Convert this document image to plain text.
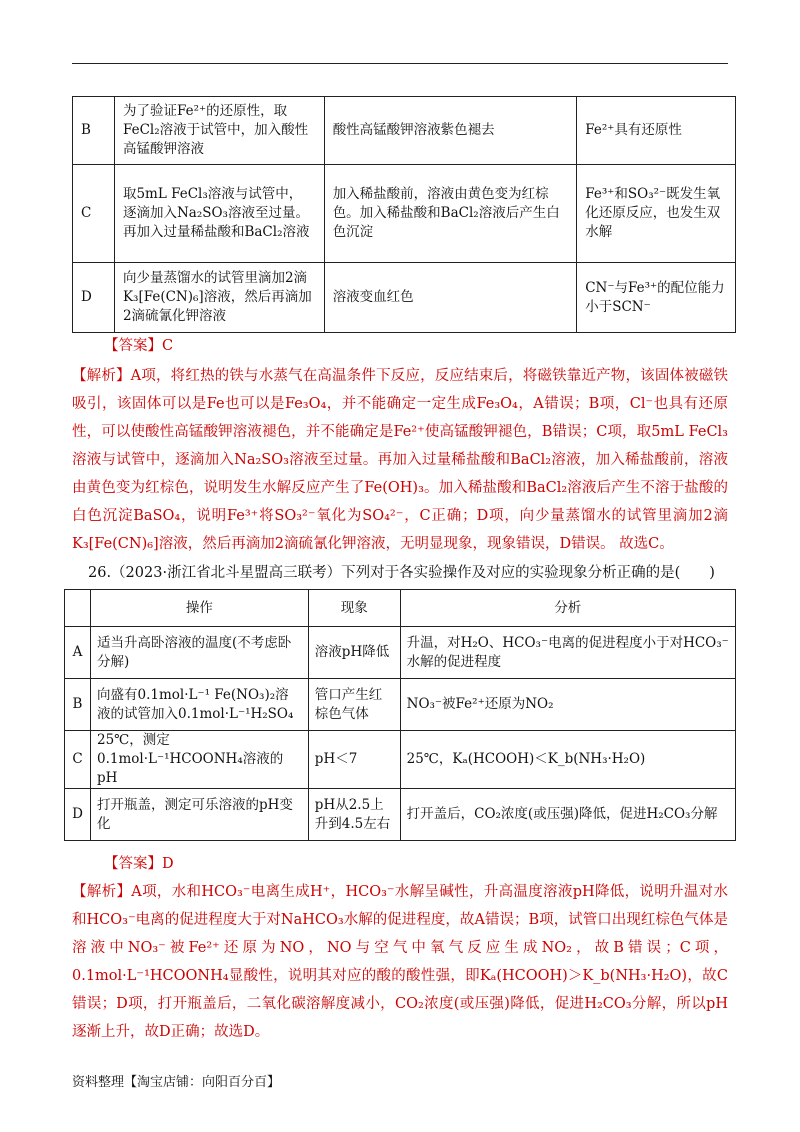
B	为了验证Fe²⁺的还原性，取FeCl₂溶液于试管中，加入酸性高锰酸钾溶液	酸性高锰酸钾溶液紫色褪去	Fe²⁺具有还原性
C	取5mL FeCl₃溶液与试管中，逐滴加入Na₂SO₃溶液至过量。再加入过量稀盐酸和BaCl₂溶液	加入稀盐酸前，溶液由黄色变为红棕色。加入稀盐酸和BaCl₂溶液后产生白色沉淀	Fe³⁺和SO₃²⁻既发生氧化还原反应，也发生双水解
D	向少量蒸馏水的试管里滴加2滴K₃[Fe(CN)₆]溶液，然后再滴加2滴硫氰化钾溶液	溶液变血红色	CN⁻与Fe³⁺的配位能力小于SCN⁻
【答案】C
【解析】A项，将红热的铁与水蒸气在高温条件下反应，反应结束后，将磁铁靠近产物，该固体被磁铁吸引，该固体可以是Fe也可以是Fe₃O₄，并不能确定一定生成Fe₃O₄，A错误；B项，Cl⁻也具有还原性，可以使酸性高锰酸钾溶液褪色，并不能确定是Fe²⁺使高锰酸钾褪色，B错误；C项，取5mL FeCl₃溶液与试管中，逐滴加入Na₂SO₃溶液至过量。再加入过量稀盐酸和BaCl₂溶液，加入稀盐酸前，溶液由黄色变为红棕色，说明发生水解反应产生了Fe(OH)₃。加入稀盐酸和BaCl₂溶液后产生不溶于盐酸的白色沉淀BaSO₄，说明Fe³⁺将SO₃²⁻氧化为SO₄²⁻，C正确；D项，向少量蒸馏水的试管里滴加2滴K₃[Fe(CN)₆]溶液，然后再滴加2滴硫氰化钾溶液，无明显现象，现象错误，D错误。 故选C。
26.（2023·浙江省北斗星盟高三联考）下列对于各实验操作及对应的实验现象分析正确的是(　　)
	操作	现象	分析
A	适当升高卧溶液的温度(不考虑卧分解)	溶液pH降低	升温，对H₂O、HCO₃⁻电离的促进程度小于对HCO₃⁻水解的促进程度
B	向盛有0.1mol·L⁻¹ Fe(NO₃)₂溶液的试管加入0.1mol·L⁻¹H₂SO₄	管口产生红棕色气体	NO₃⁻被Fe²⁺还原为NO₂
C	25℃，测定0.1mol·L⁻¹HCOONH₄溶液的pH	pH＜7	25℃，Kₐ(HCOOH)＜K_b(NH₃·H₂O)
D	打开瓶盖，测定可乐溶液的pH变化	pH从2.5上升到4.5左右	打开盖后，CO₂浓度(或压强)降低，促进H₂CO₃分解
【答案】D
【解析】A项，水和HCO₃⁻电离生成H⁺，HCO₃⁻水解呈碱性，升高温度溶液pH降低，说明升温对水和HCO₃⁻电离的促进程度大于对NaHCO₃水解的促进程度，故A错误；B项，试管口出现红棕色气体是溶液中NO₃⁻被Fe²⁺还原为NO，NO与空气中氧气反应生成NO₂，故B错误；C项，0.1mol·L⁻¹HCOONH₄显酸性，说明其对应的酸的酸性强，即Kₐ(HCOOH)＞K_b(NH₃·H₂O)，故C错误；D项，打开瓶盖后，二氧化碳溶解度减小，CO₂浓度(或压强)降低，促进H₂CO₃分解，所以pH逐渐上升，故D正确；故选D。
资料整理【淘宝店铺：向阳百分百】
